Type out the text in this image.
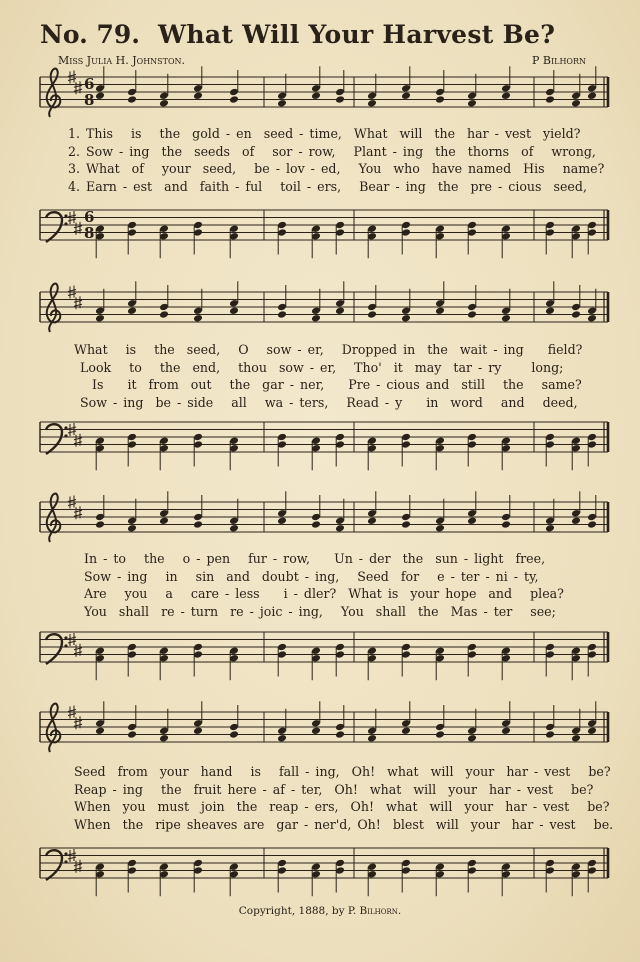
No. 79. What Will Your Harvest Be?
Miss Julia H. Johnston.	P Bilhorn
6
8
1. This   is   the  gold - en  seed - time,  What  will  the  har - vest  yield?
2. Sow - ing  the  seeds  of   sor - row,   Plant - ing  the  thorns  of   wrong,
3. What  of   your  seed,   be - lov - ed,   You  who  have named  His   name?
4. Earn - est  and  faith - ful   toil - ers,   Bear - ing  the  pre - cious  seed,
6
8
What   is   the  seed,   O   sow - er,   Dropped in  the  wait - ing    field?
Look   to   the  end,   thou  sow - er,   Tho'  it  may  tar - ry     long;
Is    it  from  out   the  gar - ner,    Pre - cious and  still   the   same?
Sow - ing  be - side   all   wa - ters,   Read - y    in  word   and   deed,
In - to   the   o - pen   fur - row,    Un - der  the  sun - light  free,
Sow - ing   in   sin  and  doubt - ing,   Seed  for   e - ter - ni - ty,
Are   you   a   care - less    i - dler?  What is  your hope  and   plea?
You  shall  re - turn  re - joic - ing,   You  shall  the  Mas - ter   see;
Seed  from  your  hand   is   fall - ing,  Oh!  what  will  your  har - vest   be?
Reap - ing   the  fruit here - af - ter,  Oh!  what  will  your  har - vest   be?
When  you  must  join  the  reap - ers,  Oh!  what  will  your  har - vest   be?
When  the  ripe sheaves are  gar - ner'd, Oh!  blest  will  your  har - vest   be.
Copyright, 1888, by P. Bilhorn.
